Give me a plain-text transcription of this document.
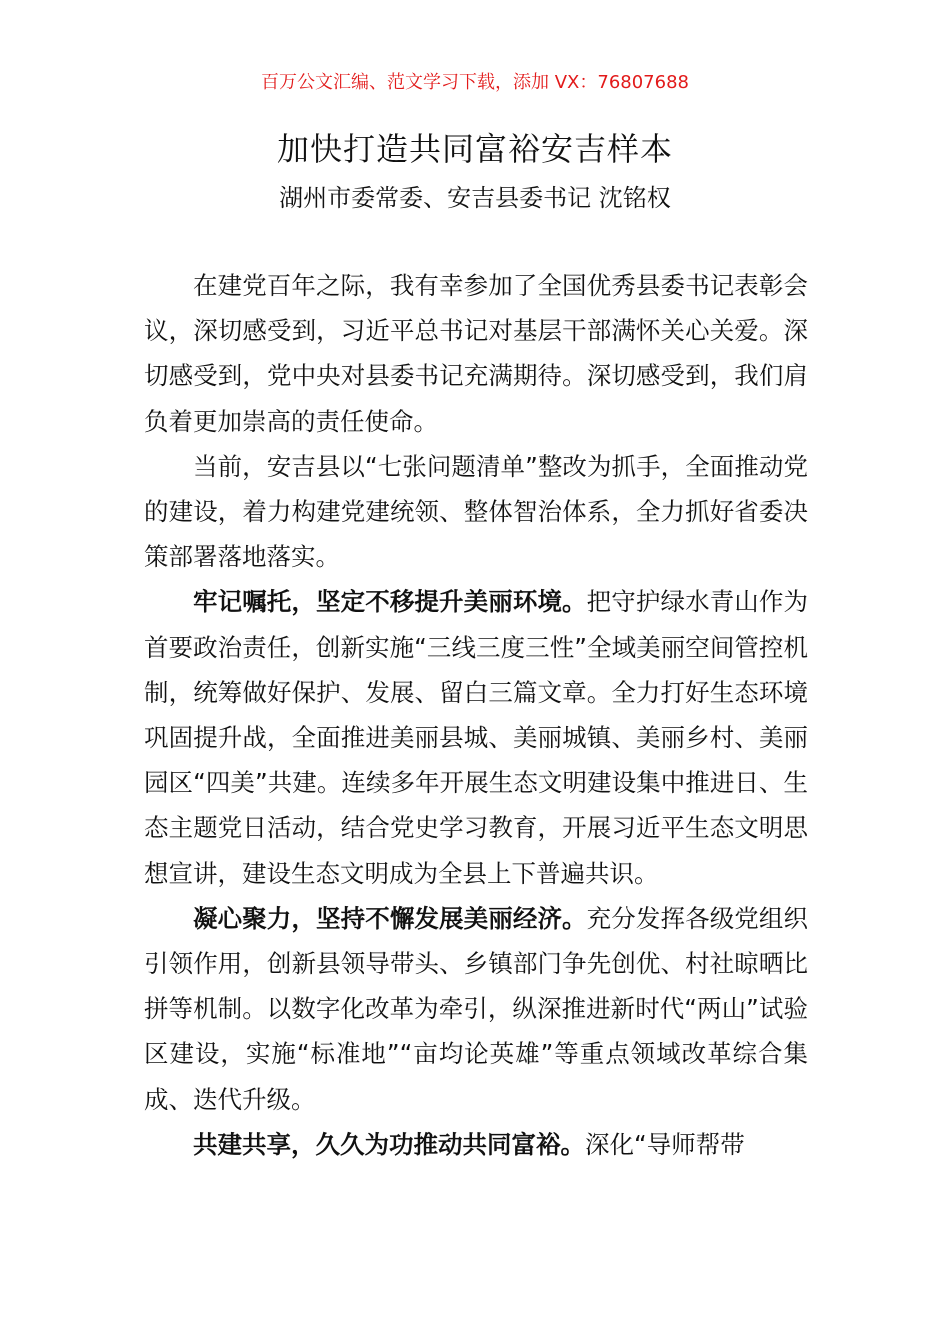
百万公文汇编、范文学习下载，添加 VX：76807688
加快打造共同富裕安吉样本
湖州市委常委、安吉县委书记 沈铭权

在建党百年之际，我有幸参加了全国优秀县委书记表彰会议，深切感受到，习近平总书记对基层干部满怀关心关爱。深切感受到，党中央对县委书记充满期待。深切感受到，我们肩负着更加崇高的责任使命。

当前，安吉县以“七张问题清单”整改为抓手，全面推动党的建设，着力构建党建统领、整体智治体系，全力抓好省委决策部署落地落实。

牢记嘱托，坚定不移提升美丽环境。把守护绿水青山作为首要政治责任，创新实施“三线三度三性”全域美丽空间管控机制，统筹做好保护、发展、留白三篇文章。全力打好生态环境巩固提升战，全面推进美丽县城、美丽城镇、美丽乡村、美丽园区“四美”共建。连续多年开展生态文明建设集中推进日、生态主题党日活动，结合党史学习教育，开展习近平生态文明思想宣讲，建设生态文明成为全县上下普遍共识。

凝心聚力，坚持不懈发展美丽经济。充分发挥各级党组织引领作用，创新县领导带头、乡镇部门争先创优、村社晾晒比拼等机制。以数字化改革为牵引，纵深推进新时代“两山”试验区建设，实施“标准地”“亩均论英雄”等重点领域改革综合集成、迭代升级。

共建共享，久久为功推动共同富裕。深化“导师帮带
